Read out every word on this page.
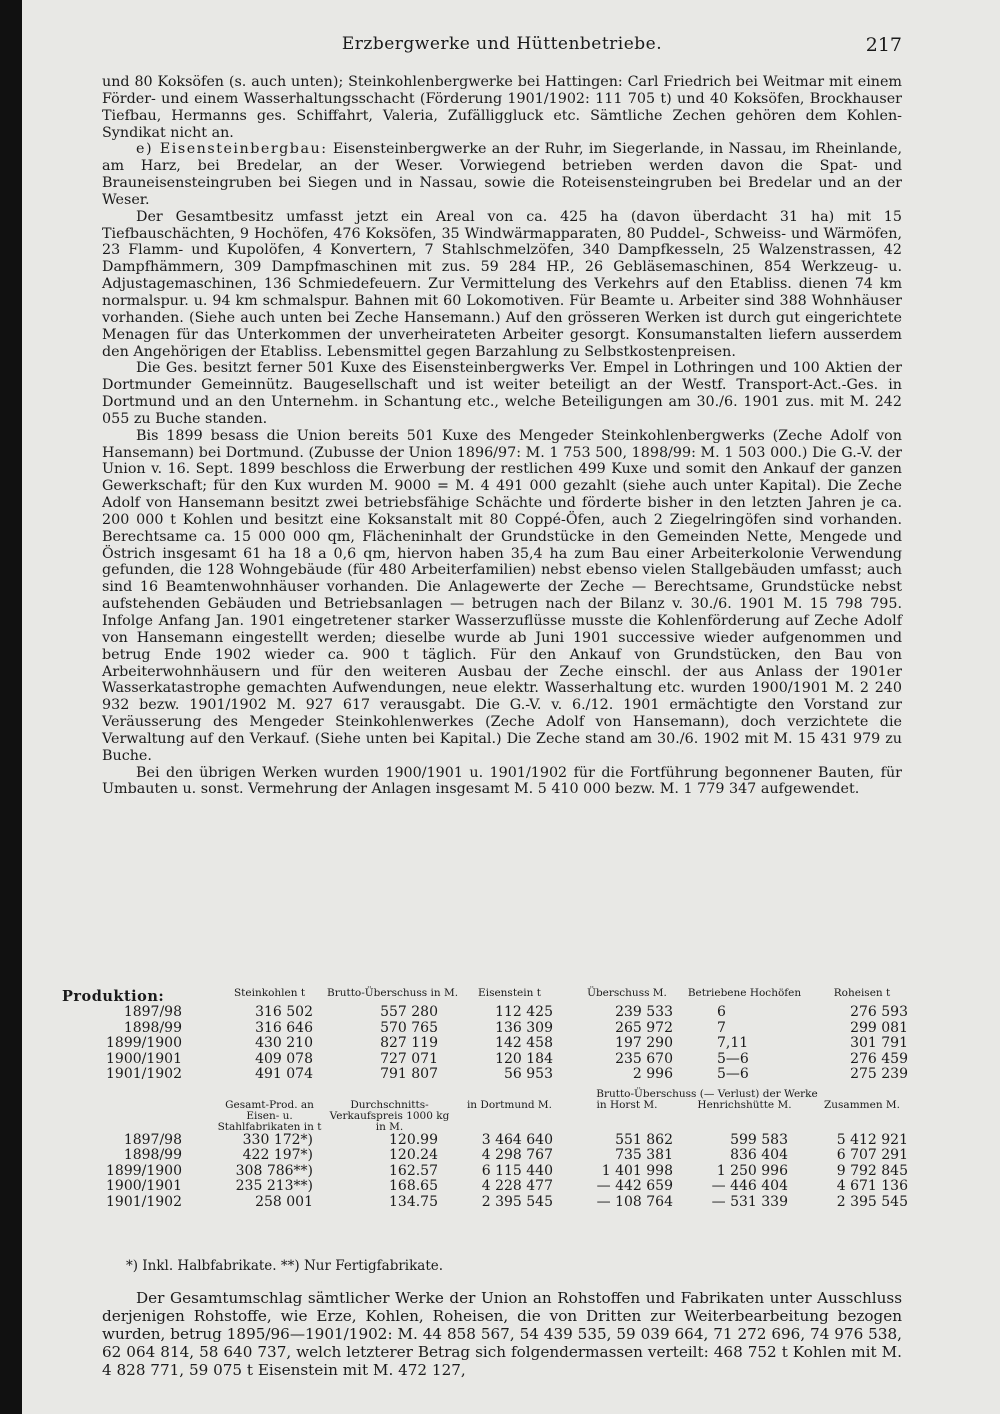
Erzbergwerke und Hüttenbetriebe.	217

und 80 Koksöfen (s. auch unten); Steinkohlenbergwerke bei Hattingen: Carl Friedrich bei Weitmar mit einem Förder- und einem Wasserhaltungsschacht (Förderung 1901/1902: 111 705 t) und 40 Koksöfen, Brockhauser Tiefbau, Hermanns ges. Schiffahrt, Valeria, Zufälliggluck etc. Sämtliche Zechen gehören dem Kohlen-Syndikat nicht an.

e) Eisensteinbergbau: Eisensteinbergwerke an der Ruhr, im Siegerlande, in Nassau, im Rheinlande, am Harz, bei Bredelar, an der Weser. Vorwiegend betrieben werden davon die Spat- und Brauneisensteingruben bei Siegen und in Nassau, sowie die Roteisensteingruben bei Bredelar und an der Weser.

Der Gesamtbesitz umfasst jetzt ein Areal von ca. 425 ha (davon überdacht 31 ha) mit 15 Tiefbauschächten, 9 Hochöfen, 476 Koksöfen, 35 Windwärmapparaten, 80 Puddel-, Schweiss- und Wärmöfen, 23 Flamm- und Kupolöfen, 4 Konvertern, 7 Stahlschmelzöfen, 340 Dampfkesseln, 25 Walzenstrassen, 42 Dampfhämmern, 309 Dampfmaschinen mit zus. 59 284 HP., 26 Gebläsemaschinen, 854 Werkzeug- u. Adjustagemaschinen, 136 Schmiedefeuern. Zur Vermittelung des Verkehrs auf den Etabliss. dienen 74 km normalspur. u. 94 km schmalspur. Bahnen mit 60 Lokomotiven. Für Beamte u. Arbeiter sind 388 Wohnhäuser vorhanden. (Siehe auch unten bei Zeche Hansemann.) Auf den grösseren Werken ist durch gut eingerichtete Menagen für das Unterkommen der unverheirateten Arbeiter gesorgt. Konsumanstalten liefern ausserdem den Angehörigen der Etabliss. Lebensmittel gegen Barzahlung zu Selbstkostenpreisen.

Die Ges. besitzt ferner 501 Kuxe des Eisensteinbergwerks Ver. Empel in Lothringen und 100 Aktien der Dortmunder Gemeinnütz. Baugesellschaft und ist weiter beteiligt an der Westf. Transport-Act.-Ges. in Dortmund und an den Unternehm. in Schantung etc., welche Beteiligungen am 30./6. 1901 zus. mit M. 242 055 zu Buche standen.

Bis 1899 besass die Union bereits 501 Kuxe des Mengeder Steinkohlenbergwerks (Zeche Adolf von Hansemann) bei Dortmund. (Zubusse der Union 1896/97: M. 1 753 500, 1898/99: M. 1 503 000.) Die G.-V. der Union v. 16. Sept. 1899 beschloss die Erwerbung der restlichen 499 Kuxe und somit den Ankauf der ganzen Gewerkschaft; für den Kux wurden M. 9000 = M. 4 491 000 gezahlt (siehe auch unter Kapital). Die Zeche Adolf von Hansemann besitzt zwei betriebsfähige Schächte und förderte bisher in den letzten Jahren je ca. 200 000 t Kohlen und besitzt eine Koksanstalt mit 80 Coppé-Öfen, auch 2 Ziegelringöfen sind vorhanden. Berechtsame ca. 15 000 000 qm, Flächeninhalt der Grundstücke in den Gemeinden Nette, Mengede und Östrich insgesamt 61 ha 18 a 0,6 qm, hiervon haben 35,4 ha zum Bau einer Arbeiterkolonie Verwendung gefunden, die 128 Wohngebäude (für 480 Arbeiterfamilien) nebst ebenso vielen Stallgebäuden umfasst; auch sind 16 Beamtenwohnhäuser vorhanden. Die Anlagewerte der Zeche — Berechtsame, Grundstücke nebst aufstehenden Gebäuden und Betriebsanlagen — betrugen nach der Bilanz v. 30./6. 1901 M. 15 798 795. Infolge Anfang Jan. 1901 eingetretener starker Wasserzuflüsse musste die Kohlenförderung auf Zeche Adolf von Hansemann eingestellt werden; dieselbe wurde ab Juni 1901 successive wieder aufgenommen und betrug Ende 1902 wieder ca. 900 t täglich. Für den Ankauf von Grundstücken, den Bau von Arbeiterwohnhäusern und für den weiteren Ausbau der Zeche einschl. der aus Anlass der 1901er Wasserkatastrophe gemachten Aufwendungen, neue elektr. Wasserhaltung etc. wurden 1900/1901 M. 2 240 932 bezw. 1901/1902 M. 927 617 verausgabt. Die G.-V. v. 6./12. 1901 ermächtigte den Vorstand zur Veräusserung des Mengeder Steinkohlenwerkes (Zeche Adolf von Hansemann), doch verzichtete die Verwaltung auf den Verkauf. (Siehe unten bei Kapital.) Die Zeche stand am 30./6. 1902 mit M. 15 431 979 zu Buche.

Bei den übrigen Werken wurden 1900/1901 u. 1901/1902 für die Fortführung begonnener Bauten, für Umbauten u. sonst. Vermehrung der Anlagen insgesamt M. 5 410 000 bezw. M. 1 779 347 aufgewendet.

Produktion:	Steinkohlen t	Brutto-Überschuss in M.	Eisenstein t	Überschuss M.	Betriebene Hochöfen	Roheisen t
1897/98	316 502	557 280	112 425	239 533	6	276 593
1898/99	316 646	570 765	136 309	265 972	7	299 081
1899/1900	430 210	827 119	142 458	197 290	7,11	301 791
1900/1901	409 078	727 071	120 184	235 670	5—6	276 459
1901/1902	491 074	791 807	56 953	2 996	5—6	275 239
			Brutto-Überschuss (— Verlust) der Werke			
	Gesamt-Prod. an Eisen- u. Stahlfabrikaten in t	Durchschnitts-Verkaufspreis 1000 kg in M.	in Dortmund M.	in Horst M.	Henrichshütte M.	Zusammen M.
1897/98	330 172*)	120.99	3 464 640	551 862	599 583	5 412 921
1898/99	422 197*)	120.24	4 298 767	735 381	836 404	6 707 291
1899/1900	308 786**)	162.57	6 115 440	1 401 998	1 250 996	9 792 845
1900/1901	235 213**)	168.65	4 228 477	— 442 659	— 446 404	4 671 136
1901/1902	258 001	134.75	2 395 545	— 108 764	— 531 339	2 395 545

*) Inkl. Halbfabrikate. **) Nur Fertigfabrikate.

Der Gesamtumschlag sämtlicher Werke der Union an Rohstoffen und Fabrikaten unter Ausschluss derjenigen Rohstoffe, wie Erze, Kohlen, Roheisen, die von Dritten zur Weiterbearbeitung bezogen wurden, betrug 1895/96—1901/1902: M. 44 858 567, 54 439 535, 59 039 664, 71 272 696, 74 976 538, 62 064 814, 58 640 737, welch letzterer Betrag sich folgendermassen verteilt: 468 752 t Kohlen mit M. 4 828 771, 59 075 t Eisenstein mit M. 472 127,
